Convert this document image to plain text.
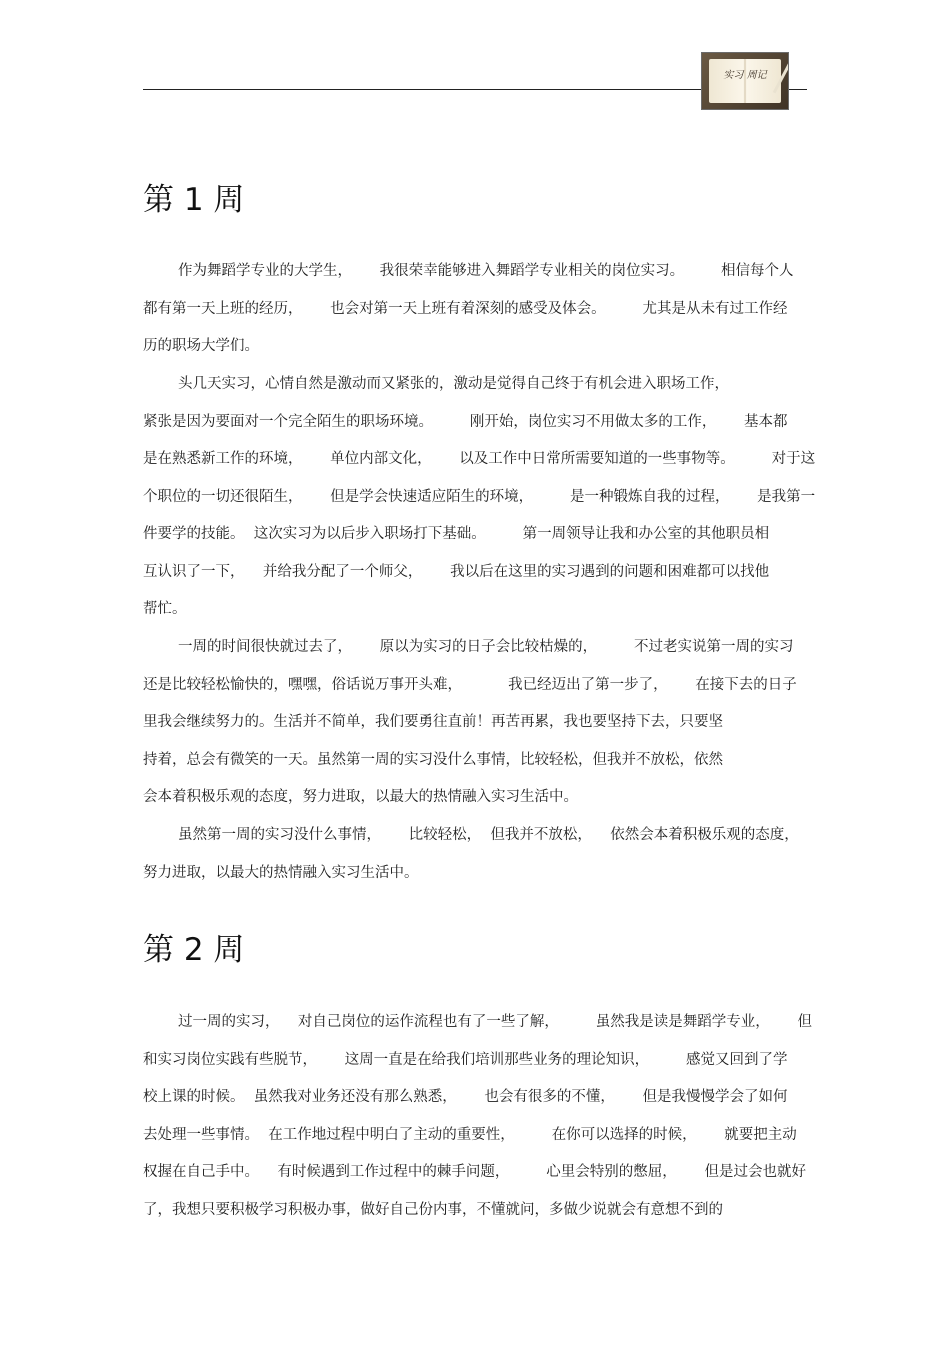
实习 周记
第 1 周
作为舞蹈学专业的大学生，      我很荣幸能够进入舞蹈学专业相关的岗位实习。        相信每个人
都有第一天上班的经历，      也会对第一天上班有着深刻的感受及体会。        尤其是从未有过工作经
历的职场大学们。
头几天实习，心情自然是激动而又紧张的，激动是觉得自己终于有机会进入职场工作，
紧张是因为要面对一个完全陌生的职场环境。        刚开始，岗位实习不用做太多的工作，      基本都
是在熟悉新工作的环境，      单位内部文化，      以及工作中日常所需要知道的一些事物等。        对于这
个职位的一切还很陌生，      但是学会快速适应陌生的环境，        是一种锻炼自我的过程，      是我第一
件要学的技能。  这次实习为以后步入职场打下基础。        第一周领导让我和办公室的其他职员相
互认识了一下，    并给我分配了一个师父，      我以后在这里的实习遇到的问题和困难都可以找他
帮忙。
一周的时间很快就过去了，      原以为实习的日子会比较枯燥的，        不过老实说第一周的实习
还是比较轻松愉快的，嘿嘿，俗话说万事开头难，          我已经迈出了第一步了，      在接下去的日子
里我会继续努力的。生活并不简单，我们要勇往直前！再苦再累，我也要坚持下去，只要坚
持着，总会有微笑的一天。虽然第一周的实习没什么事情，比较轻松，但我并不放松，依然
会本着积极乐观的态度，努力进取，以最大的热情融入实习生活中。
虽然第一周的实习没什么事情，      比较轻松，  但我并不放松，    依然会本着积极乐观的态度，
努力进取，以最大的热情融入实习生活中。
第 2 周
过一周的实习，    对自己岗位的运作流程也有了一些了解，        虽然我是读是舞蹈学专业，      但
和实习岗位实践有些脱节，      这周一直是在给我们培训那些业务的理论知识，        感觉又回到了学
校上课的时候。  虽然我对业务还没有那么熟悉，      也会有很多的不懂，      但是我慢慢学会了如何
去处理一些事情。  在工作地过程中明白了主动的重要性，        在你可以选择的时候，      就要把主动
权握在自己手中。    有时候遇到工作过程中的棘手问题，        心里会特别的憋屈，      但是过会也就好
了，我想只要积极学习积极办事，做好自己份内事，不懂就问，多做少说就会有意想不到的
